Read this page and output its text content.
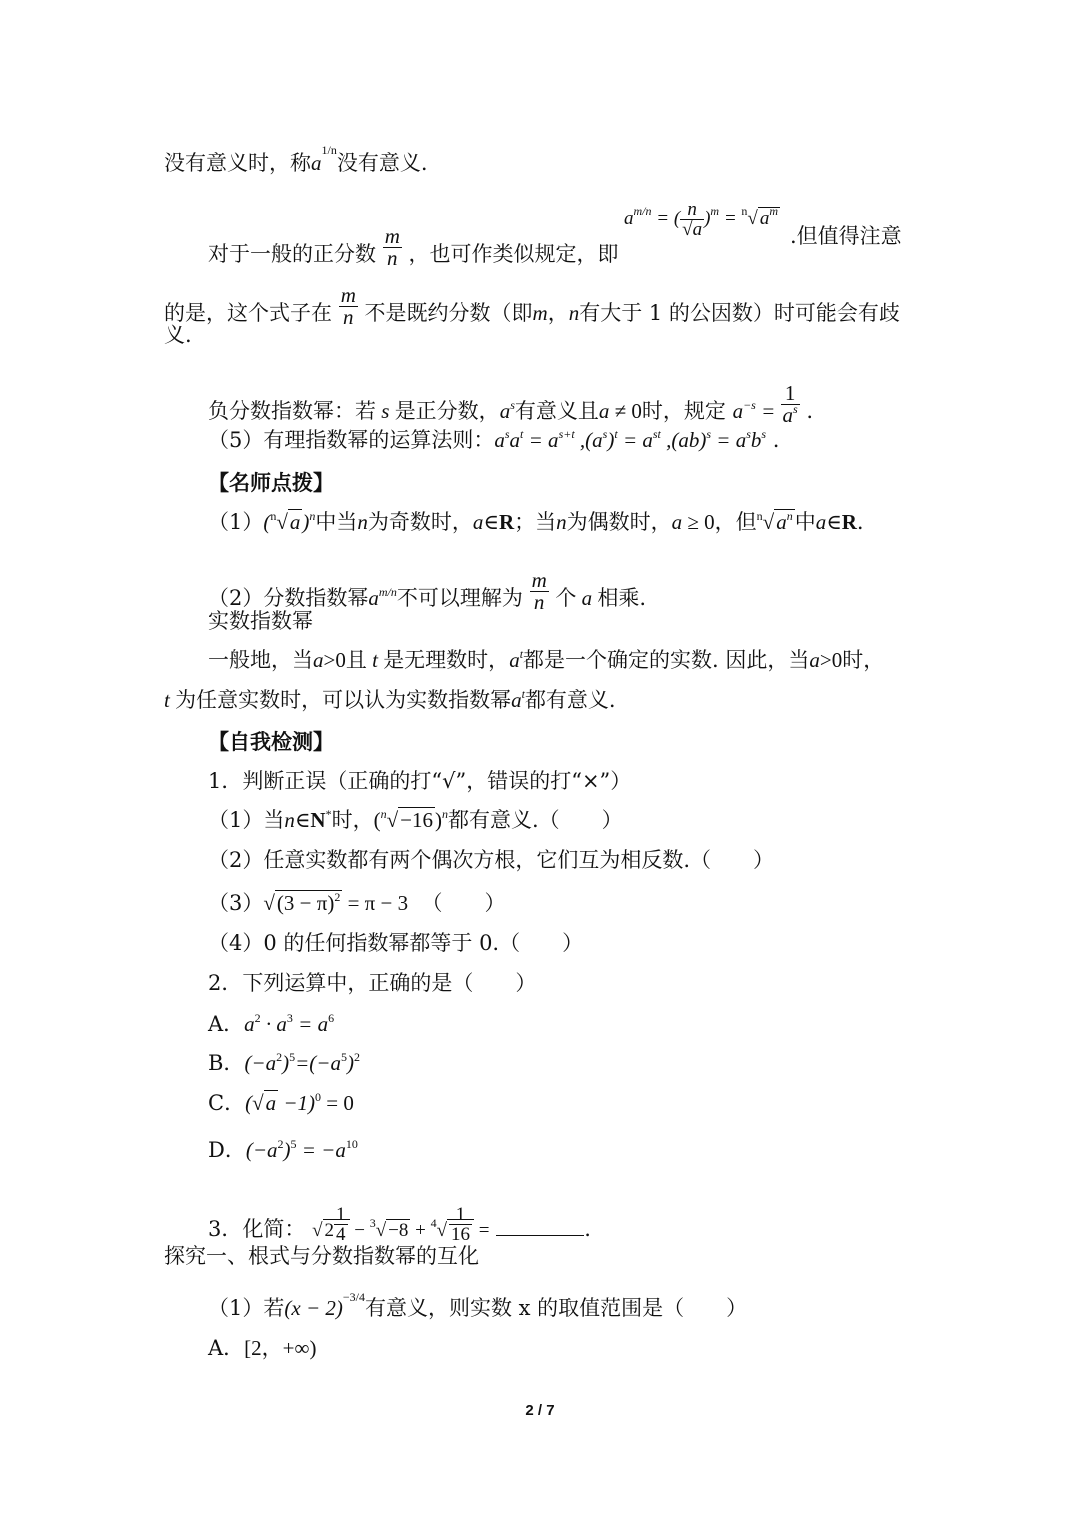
没有意义时，称$a^{1/n}$没有意义.
对于一般的正分数 $\frac{m}{n}$ ，也可作类似规定，即
$a^{m/n}$ = ( $\frac{n}{√a} )^m = ^n√$ $a^m$
.但值得注意
的是，这个式子在 $\frac{m}{n}$ 不是既约分数（即m，n有大于 1 的公因数）时可能会有歧
义.
负分数指数幂：若 s 是正分数，$a^s$有意义且a ≠ 0时，规定 $a^{-s} = \frac{1}{a^s}$ .
（5）有理指数幂的运算法则：$a^sa^t = a^{s+t}$ $,(a^s)^t = a^{st}$ $,(ab)^s = a^sb^s$ .
【名师点拨】
$(1)(^n√a)^n$中当n为奇数时，a∈R；当n为偶数时，a ≥ 0，但$^n√a^n$中a∈R.
（2）分数指数幂$a^{m/n}$不可以理解为 $\frac{m}{n}$ 个 a 相乘.
实数指数幂
一般地，当a>0且 t 是无理数时，$a^t$都是一个确定的实数. 因此，当a>0时，
t 为任意实数时，可以认为实数指数幂$a^t$都有意义.
【自我检测】
1．判断正误（正确的打“√”，错误的打“×”）
（1）当n∈N*时，$(^n√-16)^n$都有意义.（　　）
（2）任意实数都有两个偶次方根，它们互为相反数.（　　）
$(3)√(3 - \pi)^2 = \pi - 3$ （　　）
（4）0 的任何指数幂都等于 0.（　　）
2．下列运算中，正确的是（　　）
A．$a^2 \cdot a^3 = a^6$
B．$(-a^2)^5=(-a^5)^2$
C．$(√a -1)^0 = 0$
D．$(-a^2)^5 = -a^{10}$
3．化简： √ $2 \frac{1}{4} - ^3√ -8 + ^4√ \frac{1}{16}$ =	.
探究一、根式与分数指数幂的互化
（1）若$(x - 2)^{-3/4}$有意义，则实数 x 的取值范围是（　　）
A．[2，+∞)
2 / 7
